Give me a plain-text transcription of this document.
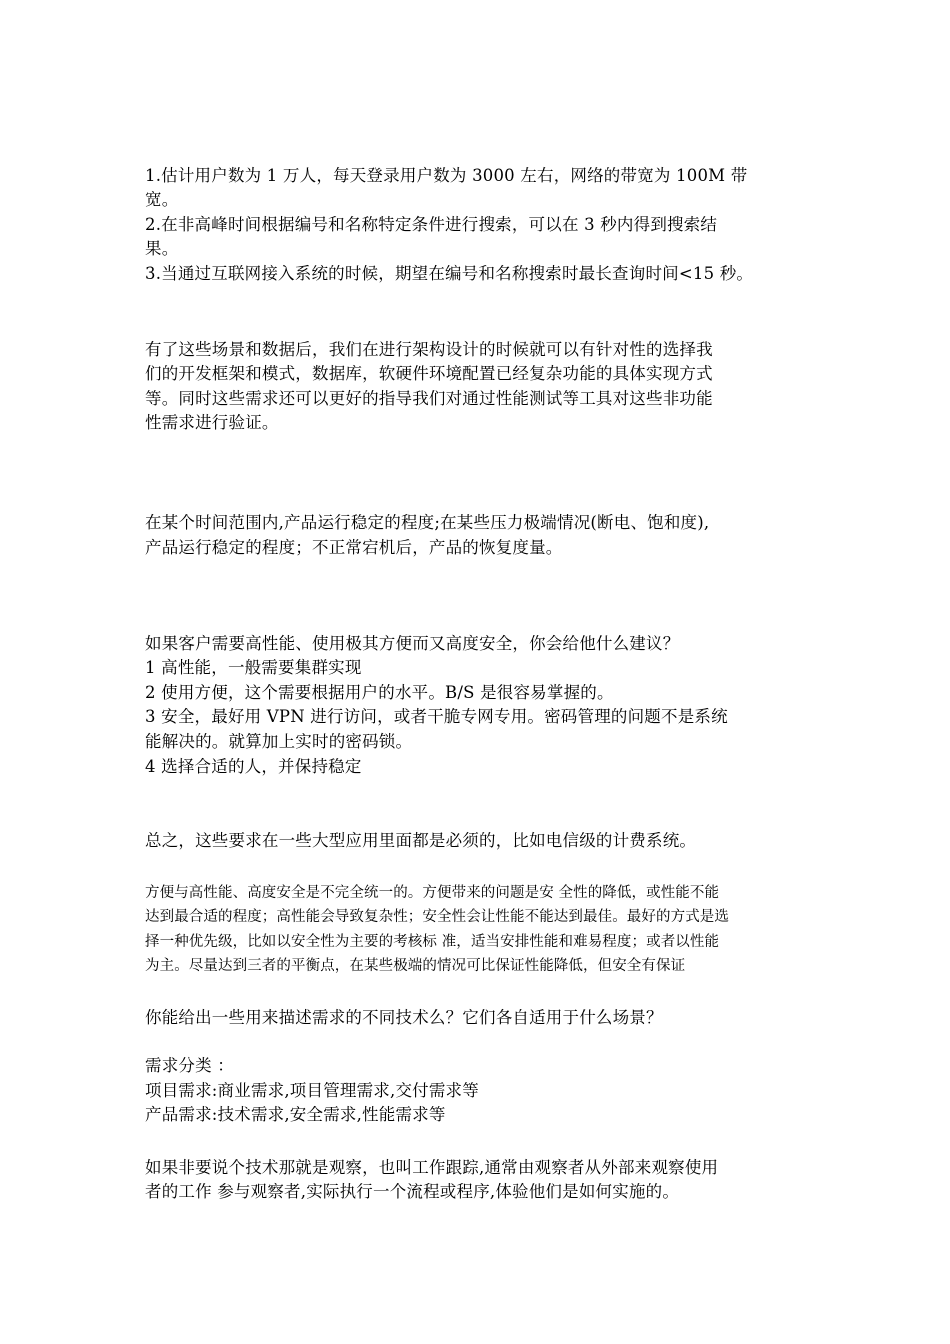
1.估计用户数为 1 万人，每天登录用户数为 3000 左右，网络的带宽为 100M 带
宽。
2.在非高峰时间根据编号和名称特定条件进行搜索，可以在 3 秒内得到搜索结
果。
3.当通过互联网接入系统的时候，期望在编号和名称搜索时最长查询时间<15 秒。
有了这些场景和数据后，我们在进行架构设计的时候就可以有针对性的选择我
们的开发框架和模式，数据库，软硬件环境配置已经复杂功能的具体实现方式
等。同时这些需求还可以更好的指导我们对通过性能测试等工具对这些非功能
性需求进行验证。
在某个时间范围内,产品运行稳定的程度;在某些压力极端情况(断电、饱和度),
产品运行稳定的程度；不正常宕机后，产品的恢复度量。
如果客户需要高性能、使用极其方便而又高度安全，你会给他什么建议？
1 高性能，一般需要集群实现
2 使用方便，这个需要根据用户的水平。B/S 是很容易掌握的。
3 安全，最好用 VPN 进行访问，或者干脆专网专用。密码管理的问题不是系统
能解决的。就算加上实时的密码锁。
4 选择合适的人，并保持稳定
总之，这些要求在一些大型应用里面都是必须的，比如电信级的计费系统。
方便与高性能、高度安全是不完全统一的。方便带来的问题是安 全性的降低，或性能不能
达到最合适的程度；高性能会导致复杂性；安全性会让性能不能达到最佳。最好的方式是选
择一种优先级，比如以安全性为主要的考核标 准，适当安排性能和难易程度；或者以性能
为主。尽量达到三者的平衡点，在某些极端的情况可比保证性能降低，但安全有保证
你能给出一些用来描述需求的不同技术么？它们各自适用于什么场景？
需求分类 ：
项目需求:商业需求,项目管理需求,交付需求等
产品需求:技术需求,安全需求,性能需求等
如果非要说个技术那就是观察，也叫工作跟踪,通常由观察者从外部来观察使用
者的工作 参与观察者,实际执行一个流程或程序,体验他们是如何实施的。
